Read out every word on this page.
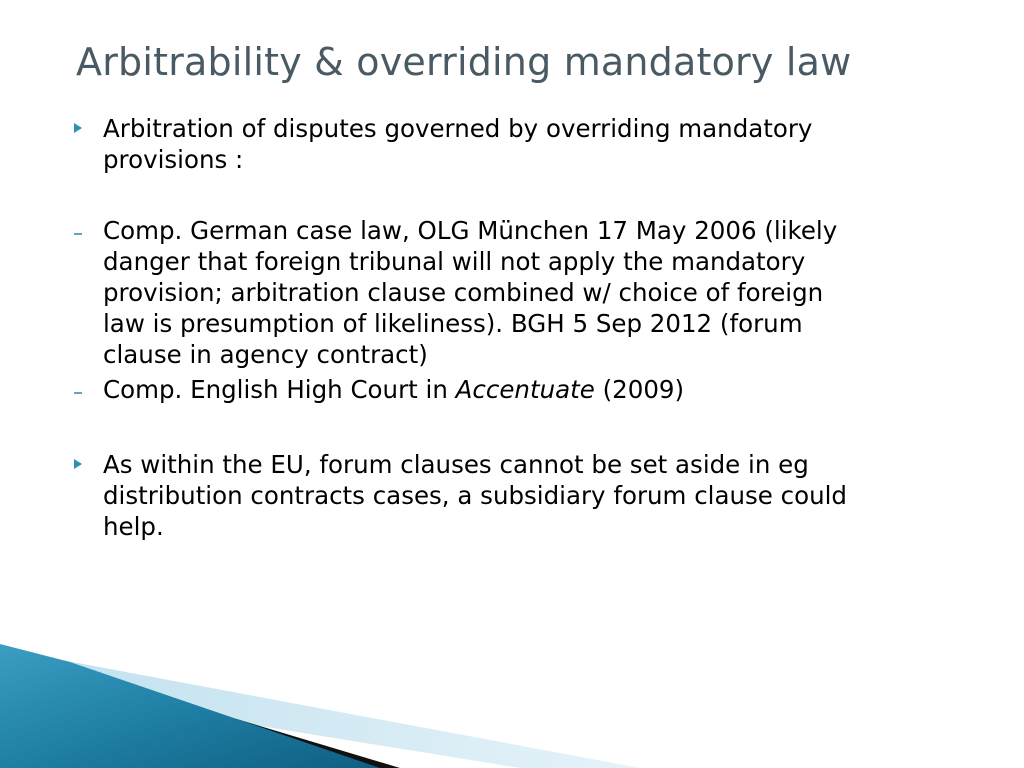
Arbitrability & overriding mandatory law
Arbitration of disputes governed by overriding mandatory
provisions :
Comp. German case law, OLG München 17 May 2006 (likely
danger that foreign tribunal will not apply the mandatory
provision; arbitration clause combined w/ choice of foreign
law is presumption of likeliness). BGH 5 Sep 2012 (forum
clause in agency contract)
Comp. English High Court in Accentuate (2009)
As within the EU, forum clauses cannot be set aside in eg
distribution contracts cases, a subsidiary forum clause could
help.
